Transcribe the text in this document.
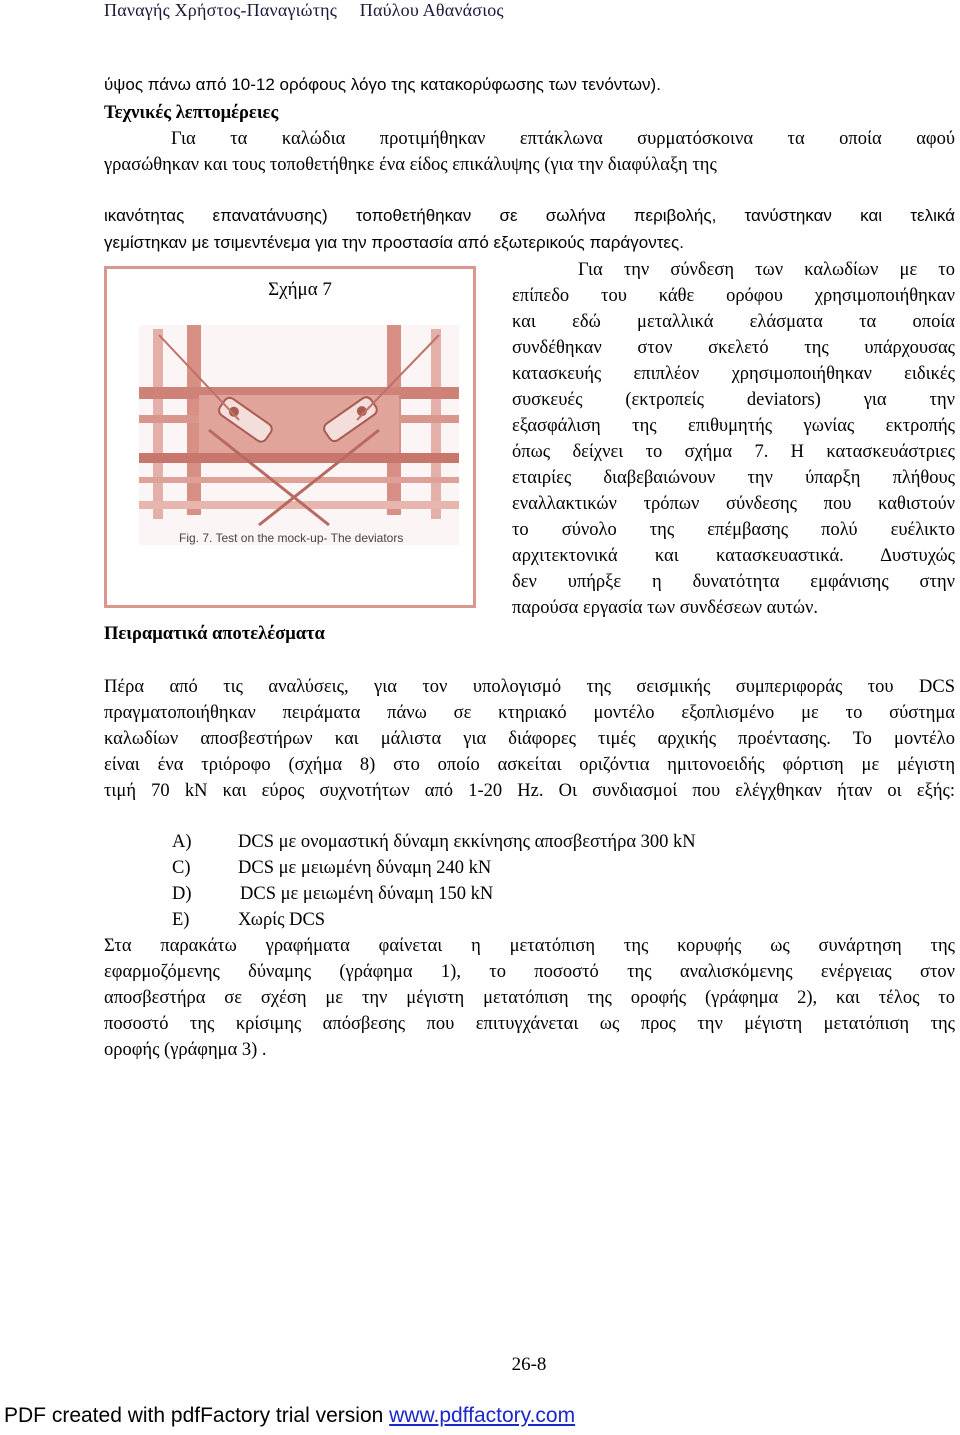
Παναγής Χρήστος-Παναγιώτης Παύλου Αθανάσιος
ύψος πάνω από 10-12 ορόφους λόγο της κατακορύφωσης των τενόντων).
Τεχνικές λεπτομέρειες
Για τα καλώδια προτιμήθηκαν επτάκλωνα συρματόσκοινα τα οποία αφού
γρασώθηκαν και τους τοποθετήθηκε ένα είδος επικάλυψης (για την διαφύλαξη της
ικανότητας επανατάνυσης) τοποθετήθηκαν σε σωλήνα περιβολής, τανύστηκαν και τελικά
γεμίστηκαν με τσιμεντένεμα για την προστασία από εξωτερικούς παράγοντες.
Σχήμα 7
Fig. 7. Test on the mock-up- The deviators
Για την σύνδεση των καλωδίων με το
επίπεδο του κάθε ορόφου χρησιμοποιήθηκαν
και εδώ μεταλλικά ελάσματα τα οποία
συνδέθηκαν στον σκελετό της υπάρχουσας
κατασκευής επιπλέον χρησιμοποιήθηκαν ειδικές
συσκευές (εκτροπείς deviators) για την
εξασφάλιση της επιθυμητής γωνίας εκτροπής
όπως δείχνει το σχήμα 7. Η κατασκευάστριες
εταιρίες διαβεβαιώνουν την ύπαρξη πλήθους
εναλλακτικών τρόπων σύνδεσης που καθιστούν
το σύνολο της επέμβασης πολύ ευέλικτο
αρχιτεκτονικά και κατασκευαστικά. Δυστυχώς
δεν υπήρξε η δυνατότητα εμφάνισης στην
παρούσα εργασία των συνδέσεων αυτών.
Πειραματικά αποτελέσματα
Πέρα από τις αναλύσεις, για τον υπολογισμό της σεισμικής συμπεριφοράς του DCS
πραγματοποιήθηκαν πειράματα πάνω σε κτηριακό μοντέλο εξοπλισμένο με το σύστημα
καλωδίων αποσβεστήρων και μάλιστα για διάφορες τιμές αρχικής προέντασης. Το μοντέλο
είναι ένα τριόροφο (σχήμα 8) στο οποίο ασκείται οριζόντια ημιτονοειδής φόρτιση με μέγιστη
τιμή 70 kN και εύρος συχνοτήτων από 1-20 Hz. Οι συνδιασμοί που ελέγχθηκαν ήταν οι εξής:
A)	DCS με ονομαστική δύναμη εκκίνησης αποσβεστήρα 300 kN
C)	DCS με μειωμένη δύναμη 240 kN
D)	DCS με μειωμένη δύναμη 150 kN
E)	Χωρίς DCS
Στα παρακάτω γραφήματα φαίνεται η μετατόπιση της κορυφής ως συνάρτηση της
εφαρμοζόμενης δύναμης (γράφημα 1), το ποσοστό της αναλισκόμενης ενέργειας στον
αποσβεστήρα σε σχέση με την μέγιστη μετατόπιση της οροφής (γράφημα 2), και τέλος το
ποσοστό της κρίσιμης απόσβεσης που επιτυγχάνεται ως προς την μέγιστη μετατόπιση της
οροφής (γράφημα 3) .
26-8
PDF created with pdfFactory trial version www.pdffactory.com
